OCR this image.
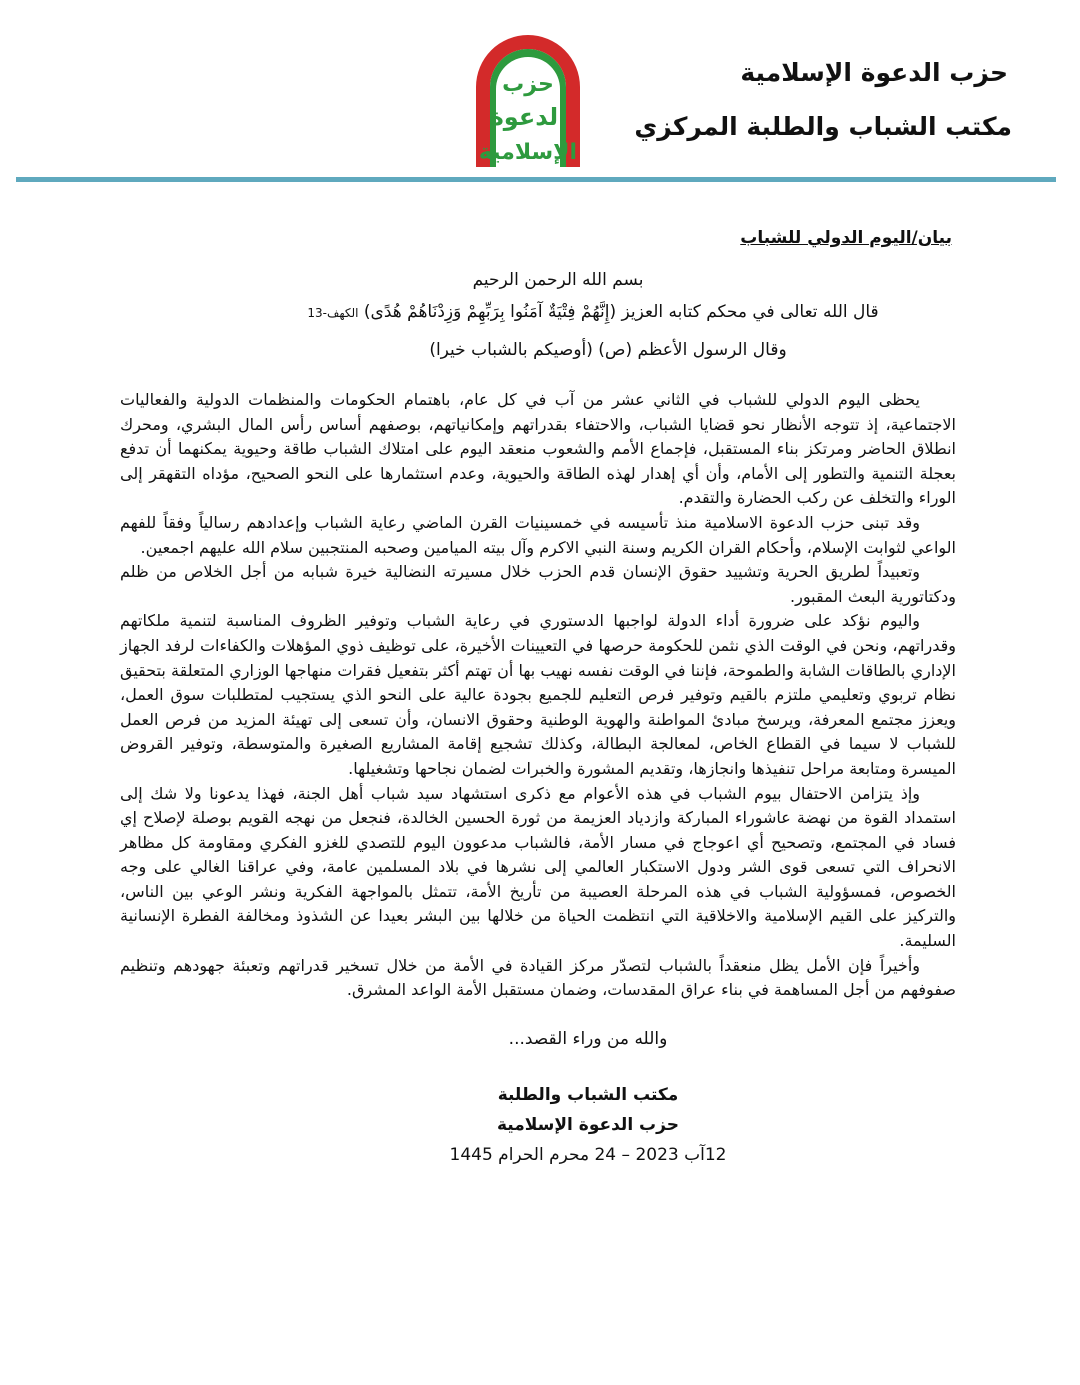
حزب
الدعوة
الإسلامية
حزب الدعوة الإسلامية
مكتب الشباب والطلبة المركزي
بيان/اليوم الدولي للشباب
بسم الله الرحمن الرحيم
قال الله تعالى في محكم كتابه العزيز (إِنَّهُمْ فِتْيَةٌ آمَنُوا بِرَبِّهِمْ وَزِدْنَاهُمْ هُدًى) الكهف-13
وقال الرسول الأعظم (ص) (أوصيكم بالشباب خيرا)

يحظى اليوم الدولي للشباب في الثاني عشر من آب في كل عام، باهتمام الحكومات والمنظمات الدولية والفعاليات الاجتماعية، إذ تتوجه الأنظار نحو قضايا الشباب، والاحتفاء بقدراتهم وإمكانياتهم، بوصفهم أساس رأس المال البشري، ومحرك انطلاق الحاضر ومرتكز بناء المستقبل، فإجماع الأمم والشعوب منعقد اليوم على امتلاك الشباب طاقة وحيوية يمكنهما أن تدفع بعجلة التنمية والتطور إلى الأمام، وأن أي إهدار لهذه الطاقة والحيوية، وعدم استثمارها على النحو الصحيح، مؤداه التقهقر إلى الوراء والتخلف عن ركب الحضارة والتقدم.

وقد تبنى حزب الدعوة الاسلامية منذ تأسيسه في خمسينيات القرن الماضي رعاية الشباب وإعدادهم رسالياً وفقاً للفهم الواعي لثوابت الإسلام، وأحكام القران الكريم وسنة النبي الاكرم وآل بيته الميامين وصحبه المنتجبين سلام الله عليهم اجمعين.

وتعبيداً لطريق الحرية وتشييد حقوق الإنسان قدم الحزب خلال مسيرته النضالية خيرة شبابه من أجل الخلاص من ظلم ودكتاتورية البعث المقبور.

واليوم نؤكد على ضرورة أداء الدولة لواجبها الدستوري في رعاية الشباب وتوفير الظروف المناسبة لتنمية ملكاتهم وقدراتهم، ونحن في الوقت الذي نثمن للحكومة حرصها في التعيينات الأخيرة، على توظيف ذوي المؤهلات والكفاءات لرفد الجهاز الإداري بالطاقات الشابة والطموحة، فإننا في الوقت نفسه نهيب بها أن تهتم أكثر بتفعيل فقرات منهاجها الوزاري المتعلقة بتحقيق نظام تربوي وتعليمي ملتزم بالقيم وتوفير فرص التعليم للجميع بجودة عالية على النحو الذي يستجيب لمتطلبات سوق العمل، ويعزز مجتمع المعرفة، ويرسخ مبادئ المواطنة والهوية الوطنية وحقوق الانسان، وأن تسعى إلى تهيئة المزيد من فرص العمل للشباب لا سيما في القطاع الخاص، لمعالجة البطالة، وكذلك تشجيع إقامة المشاريع الصغيرة والمتوسطة، وتوفير القروض الميسرة ومتابعة مراحل تنفيذها وانجازها، وتقديم المشورة والخبرات لضمان نجاحها وتشغيلها.

وإذ يتزامن الاحتفال بيوم الشباب في هذه الأعوام مع ذكرى استشهاد سيد شباب أهل الجنة، فهذا يدعونا ولا شك إلى استمداد القوة من نهضة عاشوراء المباركة وازدياد العزيمة من ثورة الحسين الخالدة، فنجعل من نهجه القويم بوصلة لإصلاح إي فساد في المجتمع، وتصحيح أي اعوجاج في مسار الأمة، فالشباب مدعوون اليوم للتصدي للغزو الفكري ومقاومة كل مظاهر الانحراف التي تسعى قوى الشر ودول الاستكبار العالمي إلى نشرها في بلاد المسلمين عامة، وفي عراقنا الغالي على وجه الخصوص، فمسؤولية الشباب في هذه المرحلة العصيبة من تأريخ الأمة، تتمثل بالمواجهة الفكرية ونشر الوعي بين الناس، والتركيز على القيم الإسلامية والاخلاقية التي انتظمت الحياة من خلالها بين البشر بعيدا عن الشذوذ ومخالفة الفطرة الإنسانية السليمة.

وأخيراً فإن الأمل يظل منعقداً بالشباب لتصدّر مركز القيادة في الأمة من خلال تسخير قدراتهم وتعبئة جهودهم وتنظيم صفوفهم من أجل المساهمة في بناء عراق المقدسات، وضمان مستقبل الأمة الواعد المشرق.

والله من وراء القصد...
مكتب الشباب والطلبة
حزب الدعوة الإسلامية
12آب 2023 – 24 محرم الحرام 1445
